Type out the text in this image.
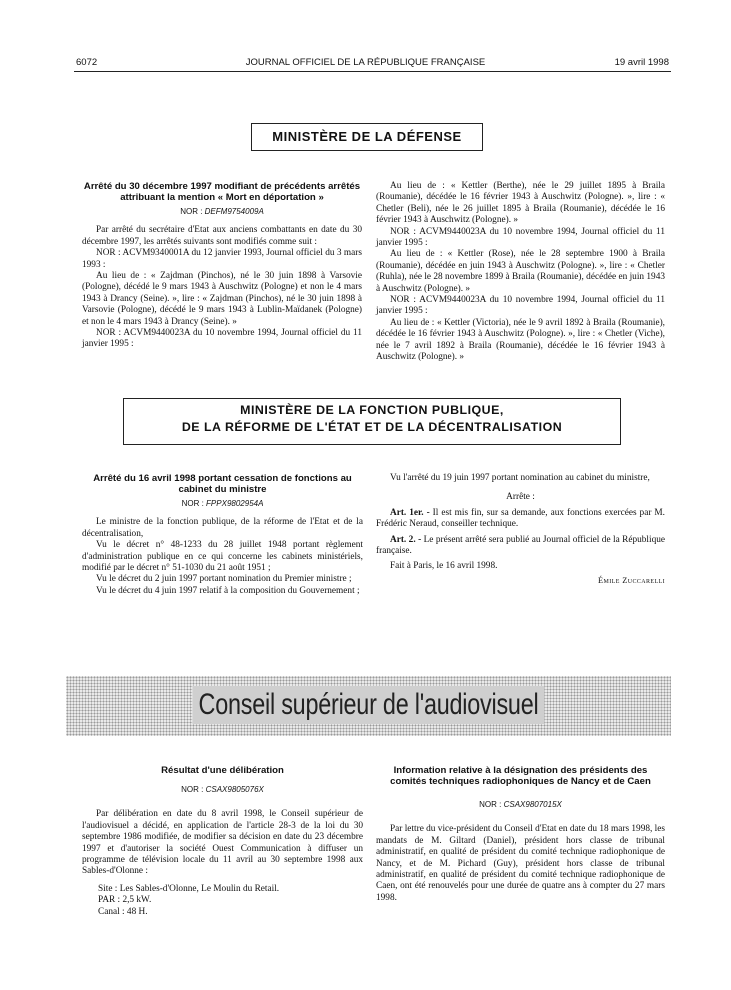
6072	JOURNAL OFFICIEL DE LA RÉPUBLIQUE FRANÇAISE	19 avril 1998
MINISTÈRE DE LA DÉFENSE
Arrêté du 30 décembre 1997 modifiant de précédents arrêtés attribuant la mention « Mort en déportation »
NOR : DEFM9754009A

Par arrêté du secrétaire d'Etat aux anciens combattants en date du 30 décembre 1997, les arrêtés suivants sont modifiés comme suit :

NOR : ACVM9340001A du 12 janvier 1993, Journal officiel du 3 mars 1993 :

Au lieu de : « Zajdman (Pinchos), né le 30 juin 1898 à Varsovie (Pologne), décédé le 9 mars 1943 à Auschwitz (Pologne) et non le 4 mars 1943 à Drancy (Seine). », lire : « Zajdman (Pinchos), né le 30 juin 1898 à Varsovie (Pologne), décédé le 9 mars 1943 à Lublin-Maïdanek (Pologne) et non le 4 mars 1943 à Drancy (Seine). »

NOR : ACVM9440023A du 10 novembre 1994, Journal officiel du 11 janvier 1995 :

Au lieu de : « Kettler (Berthe), née le 29 juillet 1895 à Braila (Roumanie), décédée le 16 février 1943 à Auschwitz (Pologne). », lire : « Chetler (Beli), née le 26 juillet 1895 à Braila (Roumanie), décédée le 16 février 1943 à Auschwitz (Pologne). »

NOR : ACVM9440023A du 10 novembre 1994, Journal officiel du 11 janvier 1995 :

Au lieu de : « Kettler (Rose), née le 28 septembre 1900 à Braila (Roumanie), décédée en juin 1943 à Auschwitz (Pologne). », lire : « Chetler (Ruhla), née le 28 novembre 1899 à Braila (Roumanie), décédée en juin 1943 à Auschwitz (Pologne). »

NOR : ACVM9440023A du 10 novembre 1994, Journal officiel du 11 janvier 1995 :

Au lieu de : « Kettler (Victoria), née le 9 avril 1892 à Braila (Roumanie), décédée le 16 février 1943 à Auschwitz (Pologne). », lire : « Chetler (Viche), née le 7 avril 1892 à Braila (Roumanie), décédée le 16 février 1943 à Auschwitz (Pologne). »

MINISTÈRE DE LA FONCTION PUBLIQUE,
DE LA RÉFORME DE L'ÉTAT ET DE LA DÉCENTRALISATION
Arrêté du 16 avril 1998 portant cessation de fonctions au cabinet du ministre
NOR : FPPX9802954A

Le ministre de la fonction publique, de la réforme de l'Etat et de la décentralisation,

Vu le décret n° 48-1233 du 28 juillet 1948 portant règlement d'administration publique en ce qui concerne les cabinets ministériels, modifié par le décret n° 51-1030 du 21 août 1951 ;

Vu le décret du 2 juin 1997 portant nomination du Premier ministre ;

Vu le décret du 4 juin 1997 relatif à la composition du Gouvernement ;

Vu l'arrêté du 19 juin 1997 portant nomination au cabinet du ministre,

Arrête :

Art. 1er. - Il est mis fin, sur sa demande, aux fonctions exercées par M. Frédéric Neraud, conseiller technique.

Art. 2. - Le présent arrêté sera publié au Journal officiel de la République française.

Fait à Paris, le 16 avril 1998.

Émile Zuccarelli

Conseil supérieur de l'audiovisuel
Résultat d'une délibération
NOR : CSAX9805076X

Par délibération en date du 8 avril 1998, le Conseil supérieur de l'audiovisuel a décidé, en application de l'article 28-3 de la loi du 30 septembre 1986 modifiée, de modifier sa décision en date du 23 décembre 1997 et d'autoriser la société Ouest Communication à diffuser un programme de télévision locale du 11 avril au 30 septembre 1998 aux Sables-d'Olonne :

Site : Les Sables-d'Olonne, Le Moulin du Retail.

PAR : 2,5 kW.

Canal : 48 H.

Information relative à la désignation des présidents des comités techniques radiophoniques de Nancy et de Caen
NOR : CSAX9807015X

Par lettre du vice-président du Conseil d'Etat en date du 18 mars 1998, les mandats de M. Giltard (Daniel), président hors classe de tribunal administratif, en qualité de président du comité technique radiophonique de Nancy, et de M. Pichard (Guy), président hors classe de tribunal administratif, en qualité de président du comité technique radiophonique de Caen, ont été renouvelés pour une durée de quatre ans à compter du 27 mars 1998.
